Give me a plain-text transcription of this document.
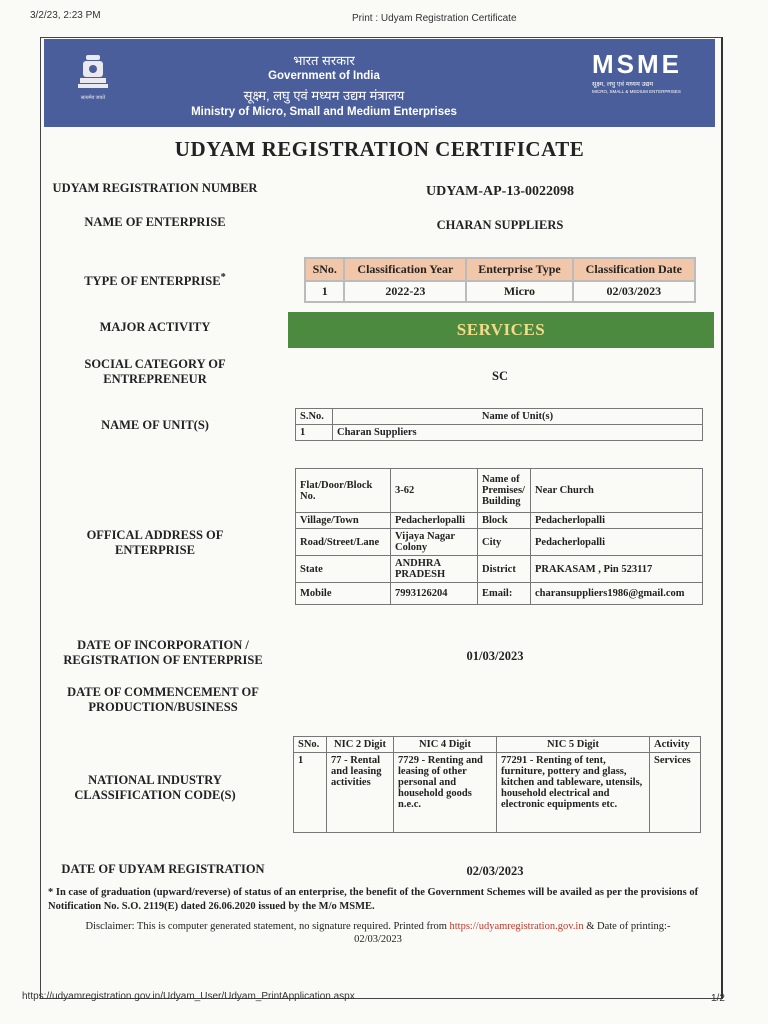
3/2/23, 2:23 PM	Print : Udyam Registration Certificate
सत्यमेव जयते
भारत सरकार
Government of India
सूक्ष्म, लघु एवं मध्यम उद्यम मंत्रालय
Ministry of Micro, Small and Medium Enterprises
MSME
सूक्ष्म, लघु एवं मध्यम उद्यम
MICRO, SMALL & MEDIUM ENTERPRISES
UDYAM REGISTRATION CERTIFICATE
UDYAM REGISTRATION NUMBER	UDYAM-AP-13-0022098
NAME OF ENTERPRISE	CHARAN SUPPLIERS
TYPE OF ENTERPRISE*
SNo.	Classification Year	Enterprise Type	Classification Date
1	2022-23	Micro	02/03/2023
MAJOR ACTIVITY	SERVICES
SOCIAL CATEGORY OF
ENTREPRENEUR	SC
NAME OF UNIT(S)
S.No.	Name of Unit(s)
1	Charan Suppliers
OFFICAL ADDRESS OF
ENTERPRISE
Flat/Door/Block No.	3-62	Name of Premises/ Building	Near Church
Village/Town	Pedacherlopalli	Block	Pedacherlopalli
Road/Street/Lane	Vijaya Nagar Colony	City	Pedacherlopalli
State	ANDHRA PRADESH	District	PRAKASAM , Pin 523117
Mobile	7993126204	Email:	charansuppliers1986@gmail.com
DATE OF INCORPORATION /
REGISTRATION OF ENTERPRISE	01/03/2023
DATE OF COMMENCEMENT OF
PRODUCTION/BUSINESS
NATIONAL INDUSTRY
CLASSIFICATION CODE(S)
SNo.	NIC 2 Digit	NIC 4 Digit	NIC 5 Digit	Activity
1	77 - Rental and leasing activities	7729 - Renting and leasing of other personal and household goods n.e.c.	77291 - Renting of tent, furniture, pottery and glass, kitchen and tableware, utensils, household electrical and electronic equipments etc.	Services
DATE OF UDYAM REGISTRATION	02/03/2023
* In case of graduation (upward/reverse) of status of an enterprise, the benefit of the Government Schemes will be availed as per the provisions of Notification No. S.O. 2119(E) dated 26.06.2020 issued by the M/o MSME.
Disclaimer: This is computer generated statement, no signature required. Printed from https://udyamregistration.gov.in & Date of printing:-
02/03/2023
https://udyamregistration.gov.in/Udyam_User/Udyam_PrintApplication.aspx	1/2
